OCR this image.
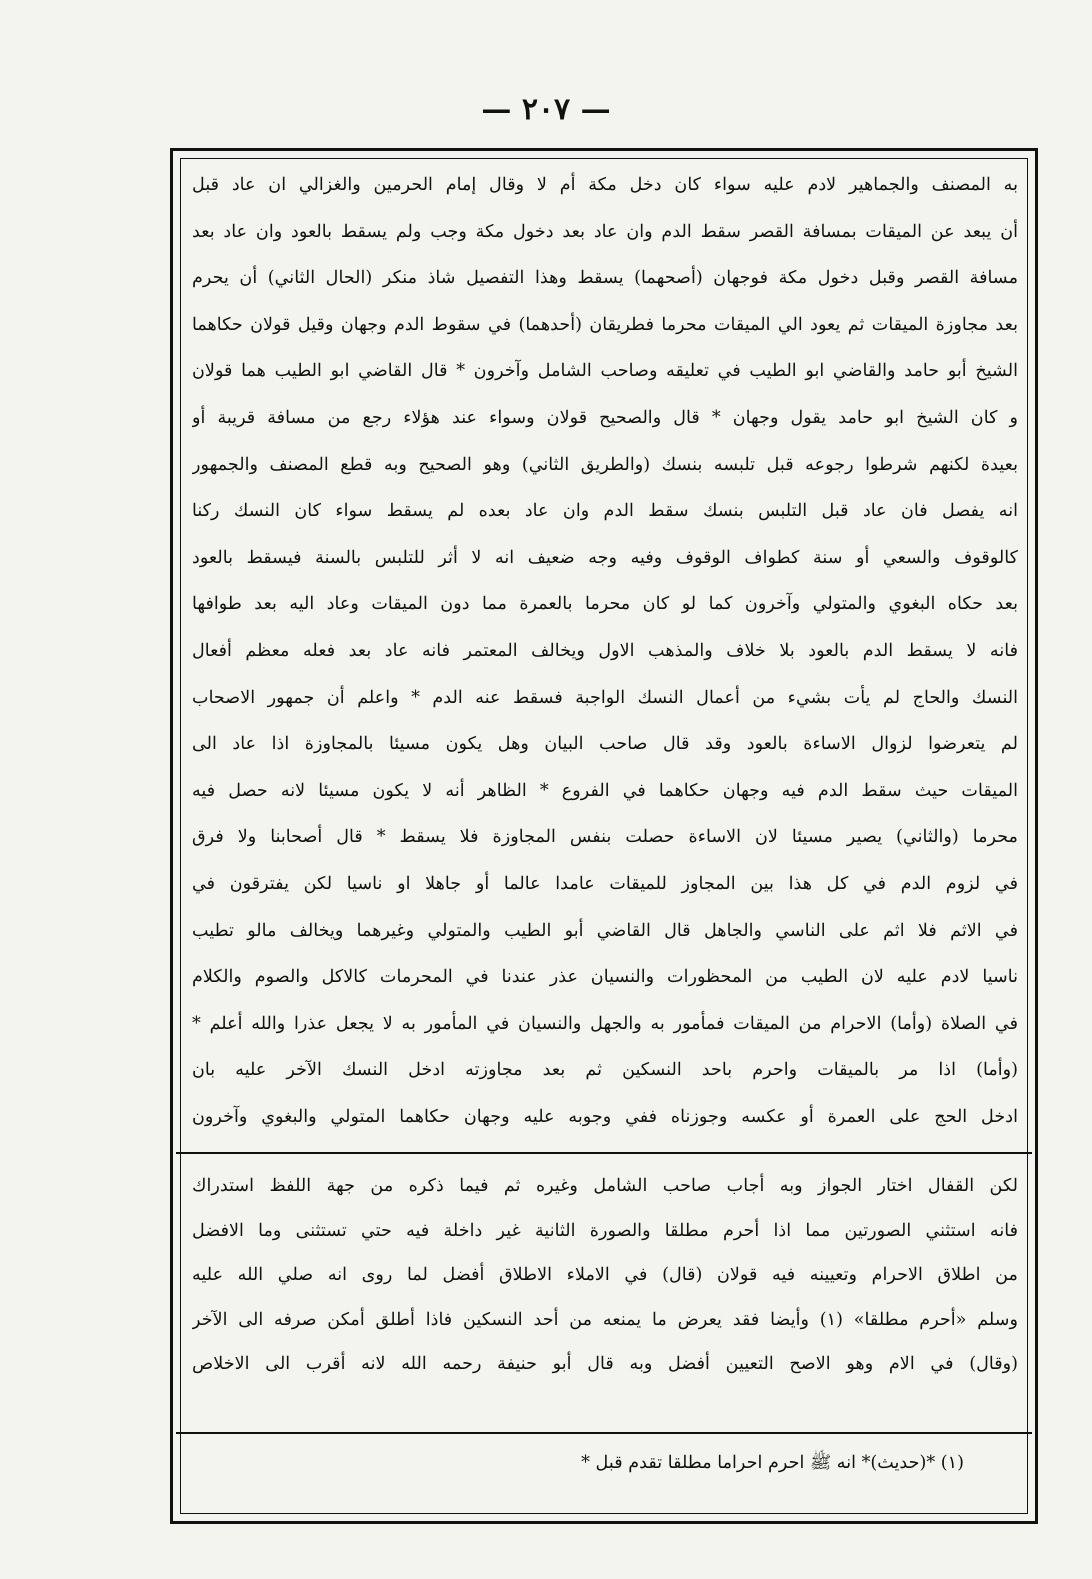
— ٢٠٧ —

به المصنف والجماهير لادم عليه سواء كان دخل مكة أم لا وقال إمام الحرمين والغزالي ان عاد قبل

أن يبعد عن الميقات بمسافة القصر سقط الدم وان عاد بعد دخول مكة وجب ولم يسقط بالعود وان عاد بعد

مسافة القصر وقبل دخول مكة فوجهان (أصحهما) يسقط وهذا التفصيل شاذ منكر (الحال الثاني) أن يحرم

بعد مجاوزة الميقات ثم يعود الي الميقات محرما فطريقان (أحدهما) في سقوط الدم وجهان وقيل قولان حكاهما

الشيخ أبو حامد والقاضي ابو الطيب في تعليقه وصاحب الشامل وآخرون * قال القاضي ابو الطيب هما قولان

و كان الشيخ ابو حامد يقول وجهان * قال والصحيح قولان وسواء عند هؤلاء رجع من مسافة قريبة أو

بعيدة لكنهم شرطوا رجوعه قبل تلبسه بنسك (والطريق الثاني) وهو الصحيح وبه قطع المصنف والجمهور

انه يفصل فان عاد قبل التلبس بنسك سقط الدم وان عاد بعده لم يسقط سواء كان النسك ركنا

كالوقوف والسعي أو سنة كطواف الوقوف وفيه وجه ضعيف انه لا أثر للتلبس بالسنة فيسقط بالعود

بعد حكاه البغوي والمتولي وآخرون كما لو كان محرما بالعمرة مما دون الميقات وعاد اليه بعد طوافها

فانه لا يسقط الدم بالعود بلا خلاف والمذهب الاول ويخالف المعتمر فانه عاد بعد فعله معظم أفعال

النسك والحاج لم يأت بشيء من أعمال النسك الواجبة فسقط عنه الدم * واعلم أن جمهور الاصحاب

لم يتعرضوا لزوال الاساءة بالعود وقد قال صاحب البيان وهل يكون مسيئا بالمجاوزة اذا عاد الى

الميقات حيث سقط الدم فيه وجهان حكاهما في الفروع * الظاهر أنه لا يكون مسيئا لانه حصل فيه

محرما (والثاني) يصير مسيئا لان الاساءة حصلت بنفس المجاوزة فلا يسقط * قال أصحابنا ولا فرق

في لزوم الدم في كل هذا بين المجاوز للميقات عامدا عالما أو جاهلا او ناسيا لكن يفترقون في

في الاثم فلا اثم على الناسي والجاهل قال القاضي أبو الطيب والمتولي وغيرهما ويخالف مالو تطيب

ناسيا لادم عليه لان الطيب من المحظورات والنسيان عذر عندنا في المحرمات كالاكل والصوم والكلام

في الصلاة (وأما) الاحرام من الميقات فمأمور به والجهل والنسيان في المأمور به لا يجعل عذرا والله أعلم *

(وأما) اذا مر بالميقات واحرم باحد النسكين ثم بعد مجاوزته ادخل النسك الآخر عليه بان

ادخل الحج على العمرة أو عكسه وجوزناه ففي وجوبه عليه وجهان حكاهما المتولي والبغوي وآخرون

لكن القفال اختار الجواز وبه أجاب صاحب الشامل وغيره ثم فيما ذكره من جهة اللفظ استدراك

فانه استثني الصورتين مما اذا أحرم مطلقا والصورة الثانية غير داخلة فيه حتي تستثنى وما الافضل

من اطلاق الاحرام وتعيينه فيه قولان (قال) في الاملاء الاطلاق أفضل لما روى انه صلي الله عليه

وسلم «أحرم مطلقا» (١) وأيضا فقد يعرض ما يمنعه من أحد النسكين فاذا أطلق أمكن صرفه الى الآخر

(وقال) في الام وهو الاصح التعيين أفضل وبه قال أبو حنيفة رحمه الله لانه أقرب الى الاخلاص

(١) *(حديث)* انه ﷺ احرم احراما مطلقا تقدم قبل *
